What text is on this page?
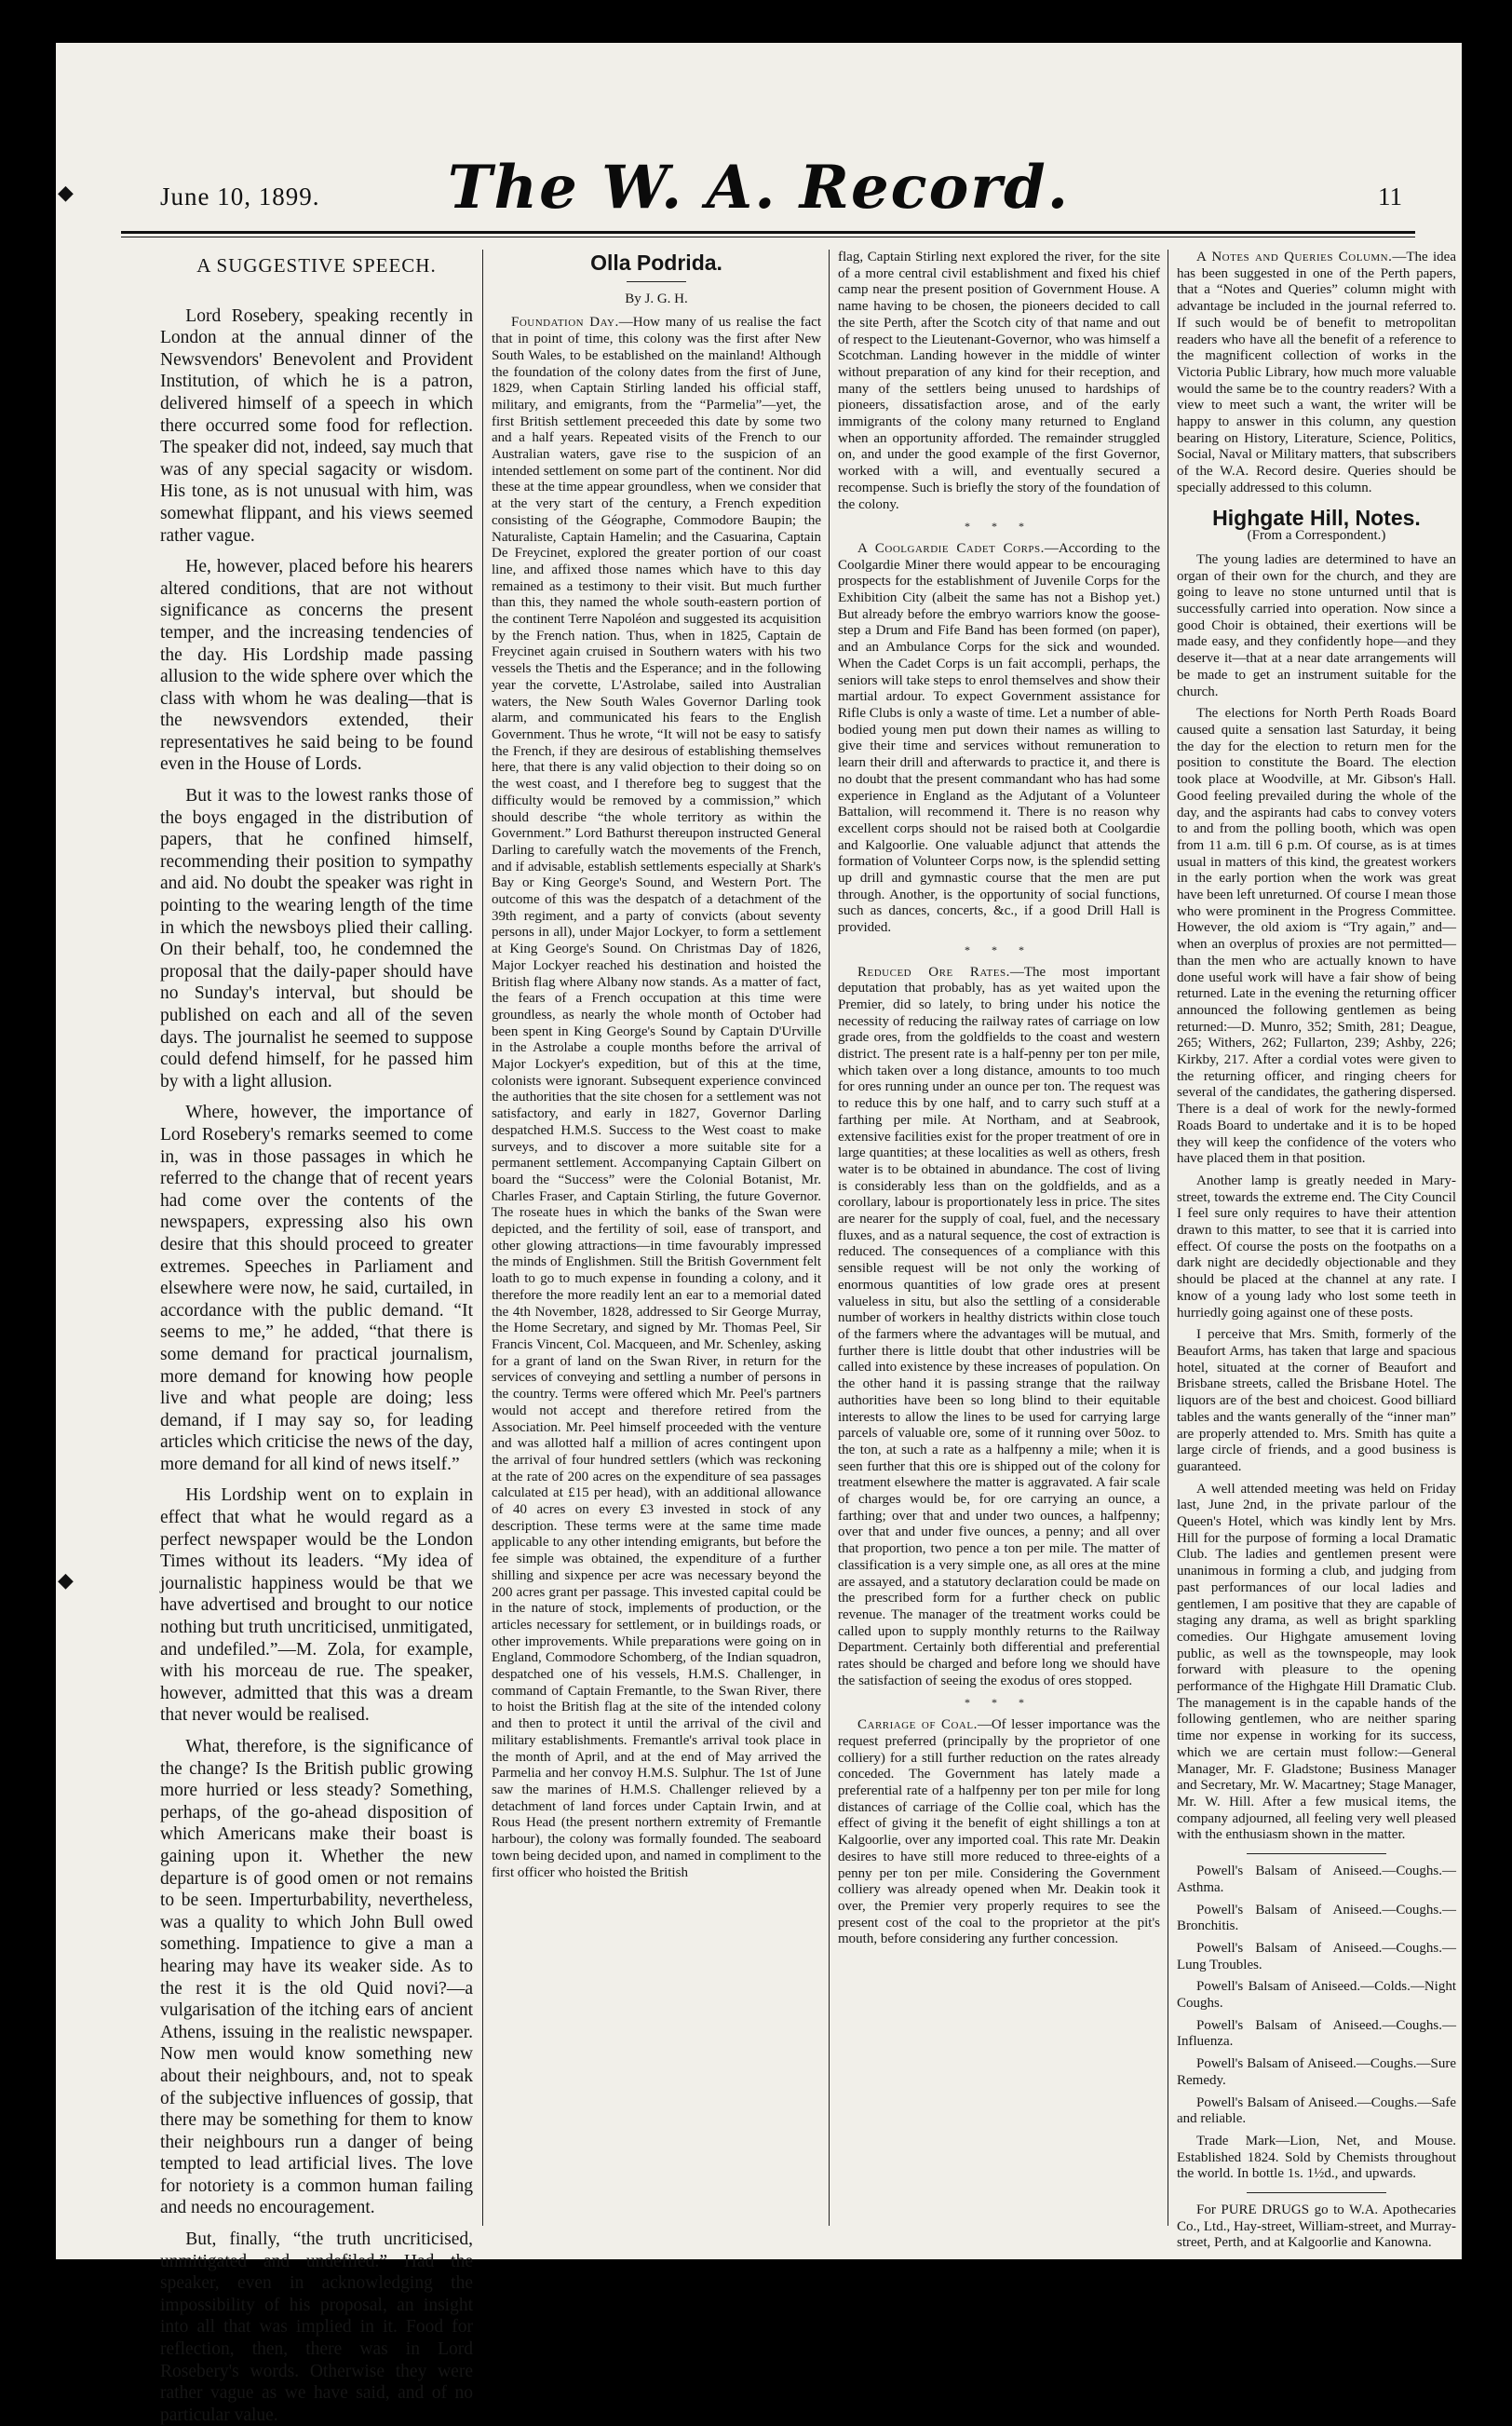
June 10, 1899.	The W. A. Record.	11
◆
◆
A SUGGESTIVE SPEECH.

Lord Rosebery, speaking recently in London at the annual dinner of the Newsvendors' Benevolent and Provident Institution, of which he is a patron, delivered himself of a speech in which there occurred some food for reflection. The speaker did not, indeed, say much that was of any special sagacity or wisdom. His tone, as is not unusual with him, was somewhat flippant, and his views seemed rather vague.

He, however, placed before his hearers altered conditions, that are not without significance as concerns the present temper, and the increasing tendencies of the day. His Lordship made passing allusion to the wide sphere over which the class with whom he was dealing—that is the newsvendors extended, their representatives he said being to be found even in the House of Lords.

But it was to the lowest ranks those of the boys engaged in the distribution of papers, that he confined himself, recommending their position to sympathy and aid. No doubt the speaker was right in pointing to the wearing length of the time in which the newsboys plied their calling. On their behalf, too, he condemned the proposal that the daily-paper should have no Sunday's interval, but should be published on each and all of the seven days. The journalist he seemed to suppose could defend himself, for he passed him by with a light allusion.

Where, however, the importance of Lord Rosebery's remarks seemed to come in, was in those passages in which he referred to the change that of recent years had come over the contents of the newspapers, expressing also his own desire that this should proceed to greater extremes. Speeches in Parliament and elsewhere were now, he said, curtailed, in accordance with the public demand. “It seems to me,” he added, “that there is some demand for practical journalism, more demand for knowing how people live and what people are doing; less demand, if I may say so, for leading articles which criticise the news of the day, more demand for all kind of news itself.”

His Lordship went on to explain in effect that what he would regard as a perfect newspaper would be the London Times without its leaders. “My idea of journalistic happiness would be that we have advertised and brought to our notice nothing but truth uncriticised, unmitigated, and undefiled.”—M. Zola, for example, with his morceau de rue. The speaker, however, admitted that this was a dream that never would be realised.

What, therefore, is the significance of the change? Is the British public growing more hurried or less steady? Something, perhaps, of the go-ahead disposition of which Americans make their boast is gaining upon it. Whether the new departure is of good omen or not remains to be seen. Imperturbability, nevertheless, was a quality to which John Bull owed something. Impatience to give a man a hearing may have its weaker side. As to the rest it is the old Quid novi?—a vulgarisation of the itching ears of ancient Athens, issuing in the realistic newspaper. Now men would know something new about their neighbours, and, not to speak of the subjective influences of gossip, that there may be something for them to know their neighbours run a danger of being tempted to lead artificial lives. The love for notoriety is a common human failing and needs no encouragement.

But, finally, “the truth uncriticised, unmitigated and undefiled.” Had the speaker, even in acknowledging the impossibility of his proposal, an insight into all that was implied in it. Food for reflection, then, there was in Lord Rosebery's words. Otherwise they were rather vague as we have said, and of no particular value.

Olla Podrida.
By J. G. H.

Foundation Day.—How many of us realise the fact that in point of time, this colony was the first after New South Wales, to be established on the mainland! Although the foundation of the colony dates from the first of June, 1829, when Captain Stirling landed his official staff, military, and emigrants, from the “Parmelia”—yet, the first British settlement preceeded this date by some two and a half years. Repeated visits of the French to our Australian waters, gave rise to the suspicion of an intended settlement on some part of the continent. Nor did these at the time appear groundless, when we consider that at the very start of the century, a French expedition consisting of the Géographe, Commodore Baupin; the Naturaliste, Captain Hamelin; and the Casuarina, Captain De Freycinet, explored the greater portion of our coast line, and affixed those names which have to this day remained as a testimony to their visit. But much further than this, they named the whole south-eastern portion of the continent Terre Napoléon and suggested its acquisition by the French nation. Thus, when in 1825, Captain de Freycinet again cruised in Southern waters with his two vessels the Thetis and the Esperance; and in the following year the corvette, L'Astrolabe, sailed into Australian waters, the New South Wales Governor Darling took alarm, and communicated his fears to the English Government. Thus he wrote, “It will not be easy to satisfy the French, if they are desirous of establishing themselves here, that there is any valid objection to their doing so on the west coast, and I therefore beg to suggest that the difficulty would be removed by a commission,” which should describe “the whole territory as within the Government.” Lord Bathurst thereupon instructed General Darling to carefully watch the movements of the French, and if advisable, establish settlements especially at Shark's Bay or King George's Sound, and Western Port. The outcome of this was the despatch of a detachment of the 39th regiment, and a party of convicts (about seventy persons in all), under Major Lockyer, to form a settlement at King George's Sound. On Christmas Day of 1826, Major Lockyer reached his destination and hoisted the British flag where Albany now stands. As a matter of fact, the fears of a French occupation at this time were groundless, as nearly the whole month of October had been spent in King George's Sound by Captain D'Urville in the Astrolabe a couple months before the arrival of Major Lockyer's expedition, but of this at the time, colonists were ignorant. Subsequent experience convinced the authorities that the site chosen for a settlement was not satisfactory, and early in 1827, Governor Darling despatched H.M.S. Success to the West coast to make surveys, and to discover a more suitable site for a permanent settlement. Accompanying Captain Gilbert on board the “Success” were the Colonial Botanist, Mr. Charles Fraser, and Captain Stirling, the future Governor. The roseate hues in which the banks of the Swan were depicted, and the fertility of soil, ease of transport, and other glowing attractions—in time favourably impressed the minds of Englishmen. Still the British Government felt loath to go to much expense in founding a colony, and it therefore the more readily lent an ear to a memorial dated the 4th November, 1828, addressed to Sir George Murray, the Home Secretary, and signed by Mr. Thomas Peel, Sir Francis Vincent, Col. Macqueen, and Mr. Schenley, asking for a grant of land on the Swan River, in return for the services of conveying and settling a number of persons in the country. Terms were offered which Mr. Peel's partners would not accept and therefore retired from the Association. Mr. Peel himself proceeded with the venture and was allotted half a million of acres contingent upon the arrival of four hundred settlers (which was reckoning at the rate of 200 acres on the expenditure of sea passages calculated at £15 per head), with an additional allowance of 40 acres on every £3 invested in stock of any description. These terms were at the same time made applicable to any other intending emigrants, but before the fee simple was obtained, the expenditure of a further shilling and sixpence per acre was necessary beyond the 200 acres grant per passage. This invested capital could be in the nature of stock, implements of production, or the articles necessary for settlement, or in buildings roads, or other improvements. While preparations were going on in England, Commodore Schomberg, of the Indian squadron, despatched one of his vessels, H.M.S. Challenger, in command of Captain Fremantle, to the Swan River, there to hoist the British flag at the site of the intended colony and then to protect it until the arrival of the civil and military establishments. Fremantle's arrival took place in the month of April, and at the end of May arrived the Parmelia and her convoy H.M.S. Sulphur. The 1st of June saw the marines of H.M.S. Challenger relieved by a detachment of land forces under Captain Irwin, and at Rous Head (the present northern extremity of Fremantle harbour), the colony was formally founded. The seaboard town being decided upon, and named in compliment to the first officer who hoisted the British

flag, Captain Stirling next explored the river, for the site of a more central civil establishment and fixed his chief camp near the present position of Government House. A name having to be chosen, the pioneers decided to call the site Perth, after the Scotch city of that name and out of respect to the Lieutenant-Governor, who was himself a Scotchman. Landing however in the middle of winter without preparation of any kind for their reception, and many of the settlers being unused to hardships of pioneers, dissatisfaction arose, and of the early immigrants of the colony many returned to England when an opportunity afforded. The remainder struggled on, and under the good example of the first Governor, worked with a will, and eventually secured a recompense. Such is briefly the story of the foundation of the colony.

* * *

A Coolgardie Cadet Corps.—According to the Coolgardie Miner there would appear to be encouraging prospects for the establishment of Juvenile Corps for the Exhibition City (albeit the same has not a Bishop yet.) But already before the embryo warriors know the goose-step a Drum and Fife Band has been formed (on paper), and an Ambulance Corps for the sick and wounded. When the Cadet Corps is un fait accompli, perhaps, the seniors will take steps to enrol themselves and show their martial ardour. To expect Government assistance for Rifle Clubs is only a waste of time. Let a number of able-bodied young men put down their names as willing to give their time and services without remuneration to learn their drill and afterwards to practice it, and there is no doubt that the present commandant who has had some experience in England as the Adjutant of a Volunteer Battalion, will recommend it. There is no reason why excellent corps should not be raised both at Coolgardie and Kalgoorlie. One valuable adjunct that attends the formation of Volunteer Corps now, is the splendid setting up drill and gymnastic course that the men are put through. Another, is the opportunity of social functions, such as dances, concerts, &c., if a good Drill Hall is provided.

* * *

Reduced Ore Rates.—The most important deputation that probably, has as yet waited upon the Premier, did so lately, to bring under his notice the necessity of reducing the railway rates of carriage on low grade ores, from the goldfields to the coast and western district. The present rate is a half-penny per ton per mile, which taken over a long distance, amounts to too much for ores running under an ounce per ton. The request was to reduce this by one half, and to carry such stuff at a farthing per mile. At Northam, and at Seabrook, extensive facilities exist for the proper treatment of ore in large quantities; at these localities as well as others, fresh water is to be obtained in abundance. The cost of living is considerably less than on the goldfields, and as a corollary, labour is proportionately less in price. The sites are nearer for the supply of coal, fuel, and the necessary fluxes, and as a natural sequence, the cost of extraction is reduced. The consequences of a compliance with this sensible request will be not only the working of enormous quantities of low grade ores at present valueless in situ, but also the settling of a considerable number of workers in healthy districts within close touch of the farmers where the advantages will be mutual, and further there is little doubt that other industries will be called into existence by these increases of population. On the other hand it is passing strange that the railway authorities have been so long blind to their equitable interests to allow the lines to be used for carrying large parcels of valuable ore, some of it running over 50oz. to the ton, at such a rate as a halfpenny a mile; when it is seen further that this ore is shipped out of the colony for treatment elsewhere the matter is aggravated. A fair scale of charges would be, for ore carrying an ounce, a farthing; over that and under two ounces, a halfpenny; over that and under five ounces, a penny; and all over that proportion, two pence a ton per mile. The matter of classification is a very simple one, as all ores at the mine are assayed, and a statutory declaration could be made on the prescribed form for a further check on public revenue. The manager of the treatment works could be called upon to supply monthly returns to the Railway Department. Certainly both differential and preferential rates should be charged and before long we should have the satisfaction of seeing the exodus of ores stopped.

* * *

Carriage of Coal.—Of lesser importance was the request preferred (principally by the proprietor of one colliery) for a still further reduction on the rates already conceded. The Government has lately made a preferential rate of a halfpenny per ton per mile for long distances of carriage of the Collie coal, which has the effect of giving it the benefit of eight shillings a ton at Kalgoorlie, over any imported coal. This rate Mr. Deakin desires to have still more reduced to three-eights of a penny per ton per mile. Considering the Government colliery was already opened when Mr. Deakin took it over, the Premier very properly requires to see the present cost of the coal to the proprietor at the pit's mouth, before considering any further concession.

A Notes and Queries Column.—The idea has been suggested in one of the Perth papers, that a “Notes and Queries” column might with advantage be included in the journal referred to. If such would be of benefit to metropolitan readers who have all the benefit of a reference to the magnificent collection of works in the Victoria Public Library, how much more valuable would the same be to the country readers? With a view to meet such a want, the writer will be happy to answer in this column, any question bearing on History, Literature, Science, Politics, Social, Naval or Military matters, that subscribers of the W.A. Record desire. Queries should be specially addressed to this column.

Highgate Hill, Notes.
(From a Correspondent.)

The young ladies are determined to have an organ of their own for the church, and they are going to leave no stone unturned until that is successfully carried into operation. Now since a good Choir is obtained, their exertions will be made easy, and they confidently hope—and they deserve it—that at a near date arrangements will be made to get an instrument suitable for the church.

The elections for North Perth Roads Board caused quite a sensation last Saturday, it being the day for the election to return men for the position to constitute the Board. The election took place at Woodville, at Mr. Gibson's Hall. Good feeling prevailed during the whole of the day, and the aspirants had cabs to convey voters to and from the polling booth, which was open from 11 a.m. till 6 p.m. Of course, as is at times usual in matters of this kind, the greatest workers in the early portion when the work was great have been left unreturned. Of course I mean those who were prominent in the Progress Committee. However, the old axiom is “Try again,” and—when an overplus of proxies are not permitted—than the men who are actually known to have done useful work will have a fair show of being returned. Late in the evening the returning officer announced the following gentlemen as being returned:—D. Munro, 352; Smith, 281; Deague, 265; Withers, 262; Fullarton, 239; Ashby, 226; Kirkby, 217. After a cordial votes were given to the returning officer, and ringing cheers for several of the candidates, the gathering dispersed. There is a deal of work for the newly-formed Roads Board to undertake and it is to be hoped they will keep the confidence of the voters who have placed them in that position.

Another lamp is greatly needed in Mary-street, towards the extreme end. The City Council I feel sure only requires to have their attention drawn to this matter, to see that it is carried into effect. Of course the posts on the footpaths on a dark night are decidedly objectionable and they should be placed at the channel at any rate. I know of a young lady who lost some teeth in hurriedly going against one of these posts.

I perceive that Mrs. Smith, formerly of the Beaufort Arms, has taken that large and spacious hotel, situated at the corner of Beaufort and Brisbane streets, called the Brisbane Hotel. The liquors are of the best and choicest. Good billiard tables and the wants generally of the “inner man” are properly attended to. Mrs. Smith has quite a large circle of friends, and a good business is guaranteed.

A well attended meeting was held on Friday last, June 2nd, in the private parlour of the Queen's Hotel, which was kindly lent by Mrs. Hill for the purpose of forming a local Dramatic Club. The ladies and gentlemen present were unanimous in forming a club, and judging from past performances of our local ladies and gentlemen, I am positive that they are capable of staging any drama, as well as bright sparkling comedies. Our Highgate amusement loving public, as well as the townspeople, may look forward with pleasure to the opening performance of the Highgate Hill Dramatic Club. The management is in the capable hands of the following gentlemen, who are neither sparing time nor expense in working for its success, which we are certain must follow:—General Manager, Mr. F. Gladstone; Business Manager and Secretary, Mr. W. Macartney; Stage Manager, Mr. W. Hill. After a few musical items, the company adjourned, all feeling very well pleased with the enthusiasm shown in the matter.

Powell's Balsam of Aniseed.—Coughs.—Asthma.

Powell's Balsam of Aniseed.—Coughs.—Bronchitis.

Powell's Balsam of Aniseed.—Coughs.—Lung Troubles.

Powell's Balsam of Aniseed.—Colds.—Night Coughs.

Powell's Balsam of Aniseed.—Coughs.—Influenza.

Powell's Balsam of Aniseed.—Coughs.—Sure Remedy.

Powell's Balsam of Aniseed.—Coughs.—Safe and reliable.

Trade Mark—Lion, Net, and Mouse. Established 1824. Sold by Chemists throughout the world. In bottle 1s. 1½d., and upwards.

For PURE DRUGS go to W.A. Apothecaries Co., Ltd., Hay-street, William-street, and Murray-street, Perth, and at Kalgoorlie and Kanowna.
